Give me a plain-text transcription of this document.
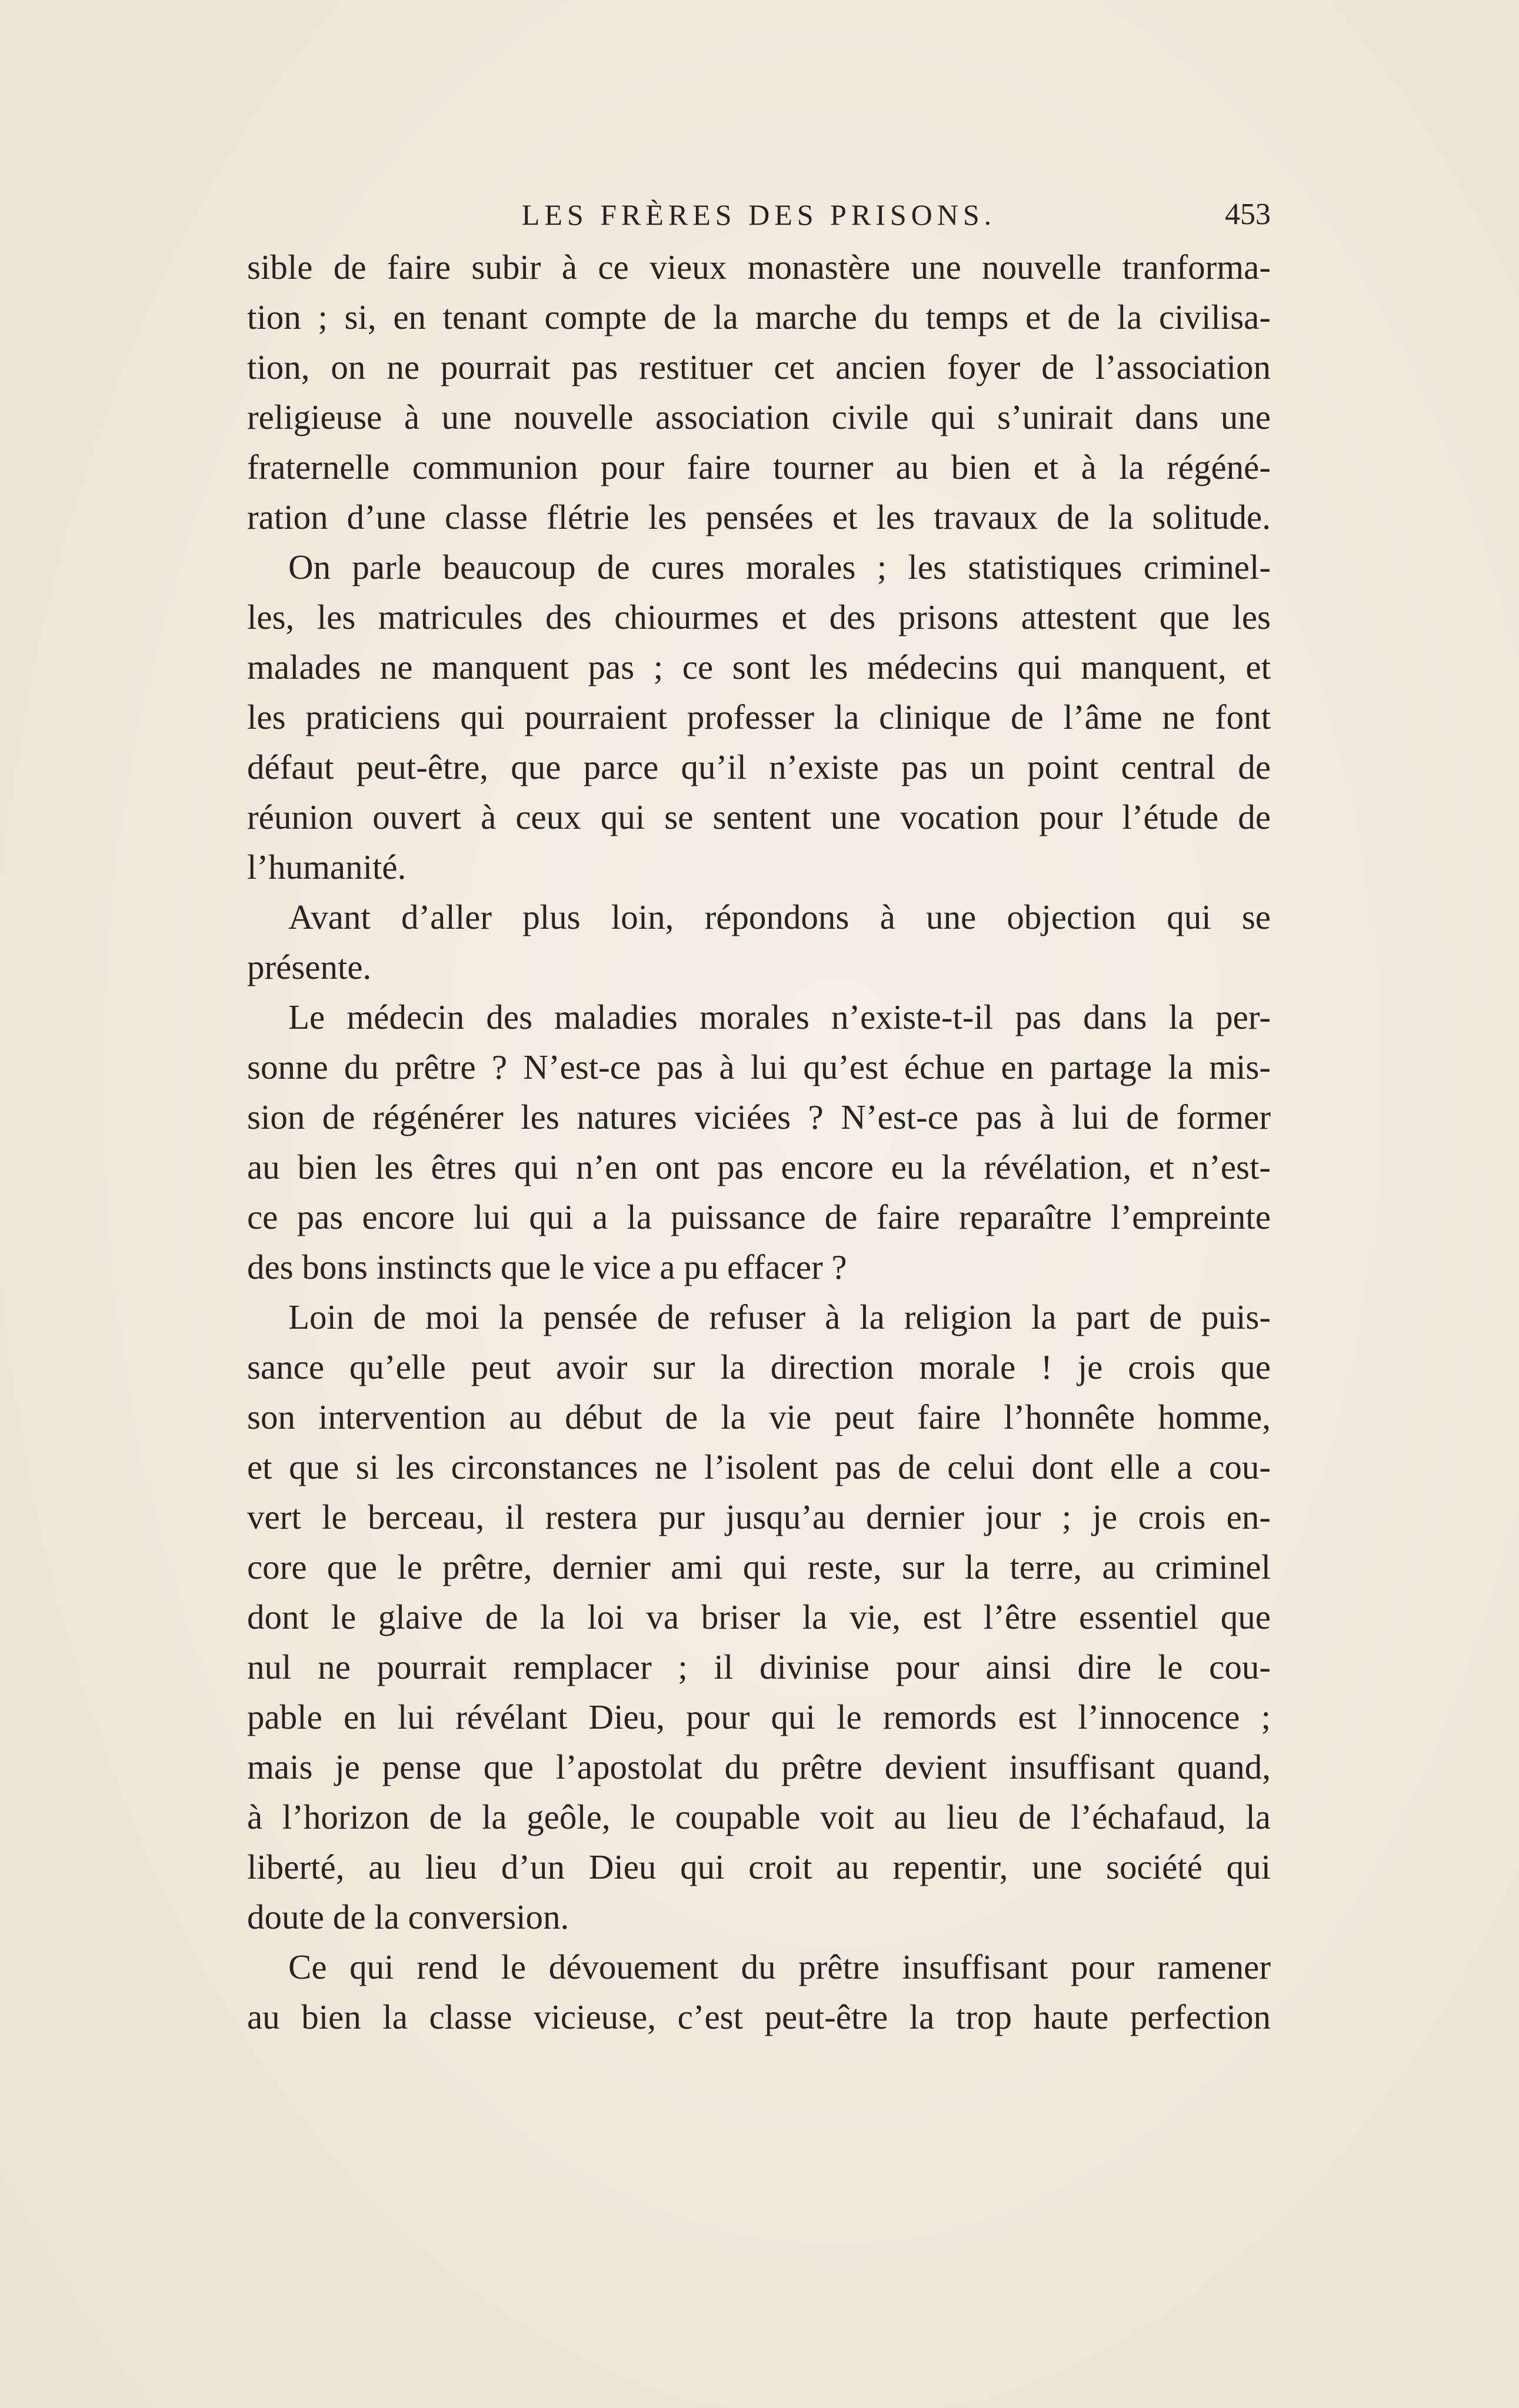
LES FRÈRES DES PRISONS.	453
sible de faire subir à ce vieux monastère une nouvelle tranforma-
tion ; si, en tenant compte de la marche du temps et de la civilisa-
tion, on ne pourrait pas restituer cet ancien foyer de l’association
religieuse à une nouvelle association civile qui s’unirait dans une
fraternelle communion pour faire tourner au bien et à la régéné-
ration d’une classe flétrie les pensées et les travaux de la solitude.
On parle beaucoup de cures morales ; les statistiques criminel-
les, les matricules des chiourmes et des prisons attestent que les
malades ne manquent pas ; ce sont les médecins qui manquent, et
les praticiens qui pourraient professer la clinique de l’âme ne font
défaut peut-être, que parce qu’il n’existe pas un point central de
réunion ouvert à ceux qui se sentent une vocation pour l’étude de
l’humanité.
Avant d’aller plus loin, répondons à une objection qui se
présente.
Le médecin des maladies morales n’existe-t-il pas dans la per-
sonne du prêtre ? N’est-ce pas à lui qu’est échue en partage la mis-
sion de régénérer les natures viciées ? N’est-ce pas à lui de former
au bien les êtres qui n’en ont pas encore eu la révélation, et n’est-
ce pas encore lui qui a la puissance de faire reparaître l’empreinte
des bons instincts que le vice a pu effacer ?
Loin de moi la pensée de refuser à la religion la part de puis-
sance qu’elle peut avoir sur la direction morale ! je crois que
son intervention au début de la vie peut faire l’honnête homme,
et que si les circonstances ne l’isolent pas de celui dont elle a cou-
vert le berceau, il restera pur jusqu’au dernier jour ; je crois en-
core que le prêtre, dernier ami qui reste, sur la terre, au criminel
dont le glaive de la loi va briser la vie, est l’être essentiel que
nul ne pourrait remplacer ; il divinise pour ainsi dire le cou-
pable en lui révélant Dieu, pour qui le remords est l’innocence ;
mais je pense que l’apostolat du prêtre devient insuffisant quand,
à l’horizon de la geôle, le coupable voit au lieu de l’échafaud, la
liberté, au lieu d’un Dieu qui croit au repentir, une société qui
doute de la conversion.
Ce qui rend le dévouement du prêtre insuffisant pour ramener
au bien la classe vicieuse, c’est peut-être la trop haute perfection
